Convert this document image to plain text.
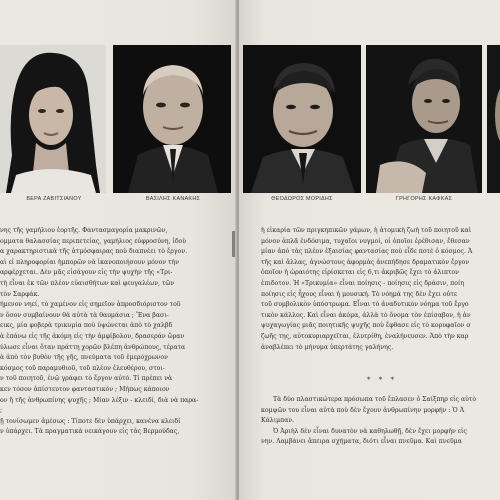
ΒΕΡΑ ΖΑΒΙΤΣΙΑΝΟΥ	ΒΑΣΙΛΗΣ ΚΑΝΑΚΗΣ

νης τῆς γαμήλιου ἑορτῆς. Φαντασμαγορία μακρινῶν,

ομματα θαλασσίας περιπετείας, γαμήλιος εὐφροσύνη, ἰδοὺ

α χαρακτηριστικὰ τῆς ἀτμόσφαιρας ποὺ διαπνέει τὸ ἔργον.

αὶ εἰ πληροφορίαι ἡμπορῶν νὰ ἱκανοποιήσουν μόνον τὴν

αρφέρχεται. Δὲν μᾶς εἰσάγουν εἰς τὴν ψυχὴν τῆς «Τρι-

τὴ εἶναι ἐκ τῶν πλέον εὐαισθήτων καὶ φευγαλέων, τῶν

τὸν Σαρφάκ.

ήμενον νηεί, τὸ χαμένον εἰς σημεῖον ἀπροσδιόριστον τοῦ

ν ὅσον συμβαίνουν θὰ αὐτὰ τὰ θαυμάσια ; Ἕνα βασι-

εικς, μία φοβερὰ τρικυμία ποὺ ὑψώνεται ἀπὸ τὸ χαλβδ

ὰ ἐπάνω εἰς τῆς ἀκόμη εἰς τὴν ἀμφίβολον, δρασεράν ὥραν

ύλωσε εἶναι ὅταν πράττη χορῶν βλέπη ἀνθρώπους, τέρατα

ὰ ἀπὸ τὸν βυθὸν τῆς γῆς, πνεύματα τοῦ ἐμερόχρωνον

κόσμος τοῦ παραμυθιοῦ, τοῦ πλέον ἐλευθέρου, στοι-

ν τοῦ ποιητοῦ, ἐνῷ γράφει τὸ ἔργον αὐτό. Τί πρέπει νὰ

κεν τόσον ἀπίστευτον φανταστικὸν ; Μήπως κάποιον

ον ἢ τῆς ἀνθρωπίνης ψυχῆς ; Μίαν λέξιν - κλειδί, διὰ νὰ παρα-

;

ῇ τονίσωμεν ἀμέσως : Τίποτε δὲν ὑπάρχει, κανένα κλειδί

ν ὑπάρχει. Τὰ πραγματικὰ νεικάγουν εἰς τὰς Βερμούδας,

ΘΕΟΔΩΡΟΣ ΜΟΡΙΔΗΣ	ΓΡΗΓΟΡΗΣ ΚΑΦΚΑΣ

ἡ εἰκαρία τῶν πριγκηπικῶν γάμων, ἡ ἀτομικὴ ζωὴ τοῦ ποιητοῦ καὶ

μόνον ἁπλᾶ ἐνδόσιμα, τυχαῖοι νυγμοί, οἱ ὁποῖοι ἐρέθισαν, ἔθεσαν

μίαν ἀπὸ τὰς πλέον ἐξαισίας φαντασίας ποὺ εἶδε ποτὲ ὁ κόσμος. Ἀ

τῆς καὶ ἄλλας, ἀγνώστους ἀφορμὰς ἀνεπήδησε δραματικὸν ἔργον

ὁποῖον ἡ ὡραιότης εἰρίσκεται εἰς 6,τι ἀκριβῶς ἔχει τὸ ἀλιπτον

ἐπιδοτον. Ἡ «Τρικυμία» εἶναι ποίησις - ποίησις εἰς δράσιν, ποίη

ποίησις εἰς ἦχους εἶναι ἡ μουσική. Τὸ νόημά της δὲν ἔχει οὐτε

τοῦ συμβολικὸν ὑπόστρωμα. Εἶναι τὸ ἀναδυτικὸν νόημα τοῦ ἔργο

τικὸν κάλλος. Καὶ εἶναι ἀκόμα, ἀλλὰ τὸ ὄνομα τὸν ἐπίσαβον, ἡ ἀν

ψυχαγωγίας μιᾶς ποιητικῆς ψυχῆς ποὺ ἔφθασε εἰς τὸ κορυφαῖον σ

ζωῆς της, αὐτοκυριαρχεῖται, ἐλυτρίθη, ἐναλήνευσεν. Ἀπὸ τὴν καρ

ἀναβλέπει τὸ μήνυμα ὑπερτάτης γαλήνης.

* * *

Τὰ δύο πλαστικώτερα πρόσωπα τοῦ ἔπλασεν ὁ Σαίξπηρ εἰς αὐτὸ

κομψῶν του εἶναι αὐτὰ ποὺ δὲν ἔχουν ἀνθρωπίνην μορφήν : Ὁ Ἀ

Κάλιμπαν.

Ὁ Ἀριὴλ δὲν εἶναι δυνατὸν νὰ καθηλωθῇ, δὲν ἔχει μορφήν εἰς

νην. Λαμβάνει ἄπειρα σχήματα, διότι εἶναι πνεῦμα. Καὶ πνεῦμα
